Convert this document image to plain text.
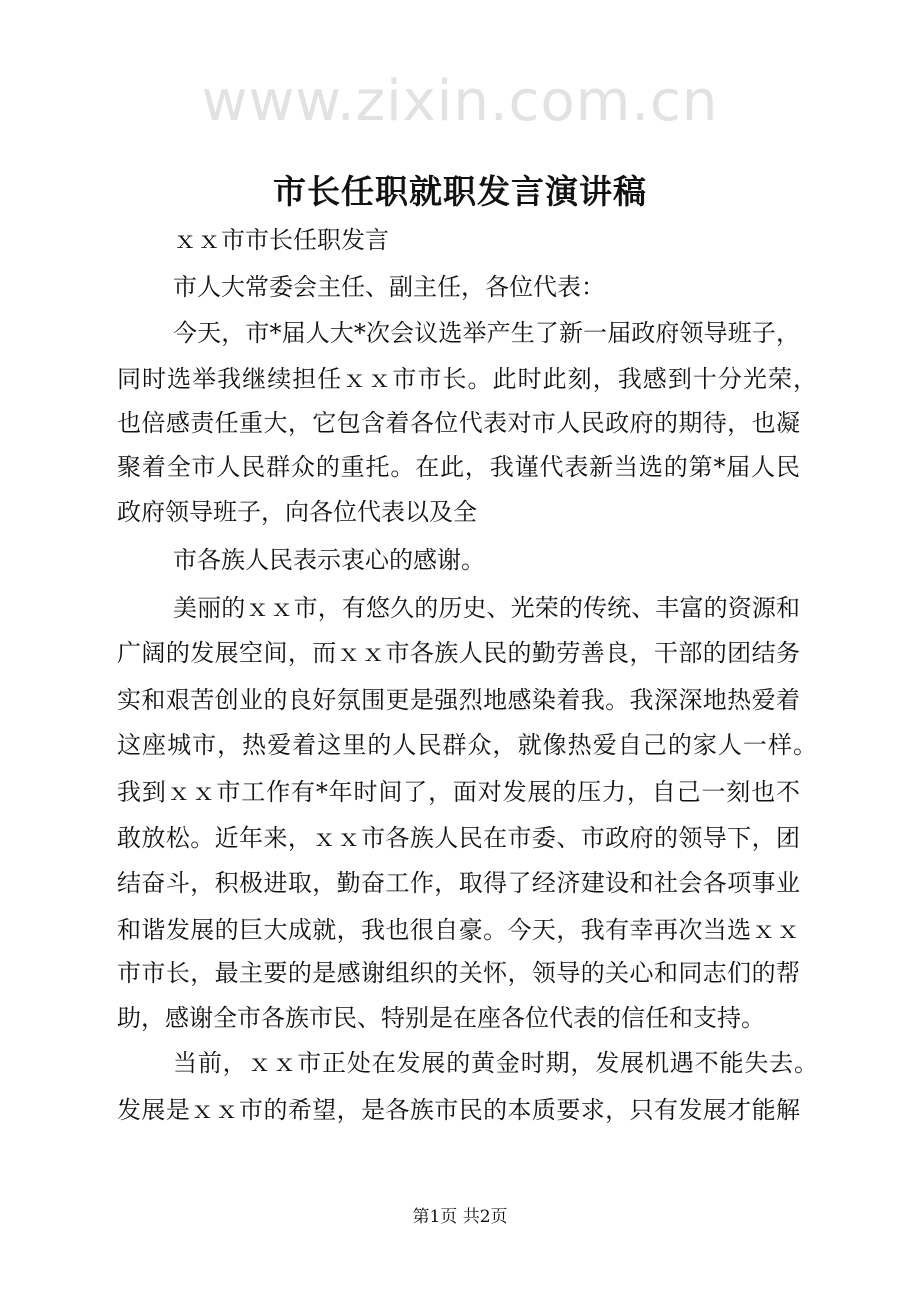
www.zixin.com.cn
市长任职就职发言演讲稿
ｘｘ市市长任职发言
市人大常委会主任、副主任，各位代表：
今天，市*届人大*次会议选举产生了新一届政府领导班子，
同时选举我继续担任ｘｘ市市长。此时此刻，我感到十分光荣，
也倍感责任重大，它包含着各位代表对市人民政府的期待，也凝
聚着全市人民群众的重托。在此，我谨代表新当选的第*届人民
政府领导班子，向各位代表以及全
市各族人民表示衷心的感谢。
美丽的ｘｘ市，有悠久的历史、光荣的传统、丰富的资源和
广阔的发展空间，而ｘｘ市各族人民的勤劳善良，干部的团结务
实和艰苦创业的良好氛围更是强烈地感染着我。我深深地热爱着
这座城市，热爱着这里的人民群众，就像热爱自己的家人一样。
我到ｘｘ市工作有*年时间了，面对发展的压力，自己一刻也不
敢放松。近年来，ｘｘ市各族人民在市委、市政府的领导下，团
结奋斗，积极进取，勤奋工作，取得了经济建设和社会各项事业
和谐发展的巨大成就，我也很自豪。今天，我有幸再次当选ｘｘ
市市长，最主要的是感谢组织的关怀，领导的关心和同志们的帮
助，感谢全市各族市民、特别是在座各位代表的信任和支持。
当前，ｘｘ市正处在发展的黄金时期，发展机遇不能失去。
发展是ｘｘ市的希望，是各族市民的本质要求，只有发展才能解
第1页 共2页
